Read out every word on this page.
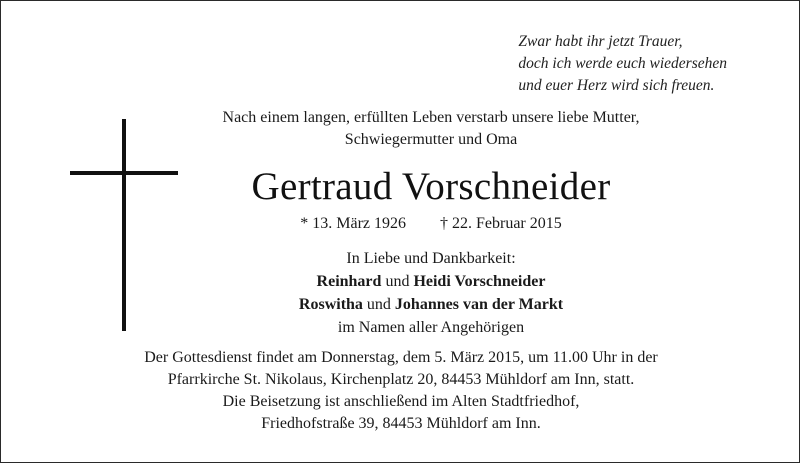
Zwar habt ihr jetzt Trauer,
doch ich werde euch wiedersehen
und euer Herz wird sich freuen.
Nach einem langen, erfüllten Leben verstarb unsere liebe Mutter,
Schwiegermutter und Oma
Gertraud Vorschneider
* 13. März 1926 † 22. Februar 2015
In Liebe und Dankbarkeit:
Reinhard und Heidi Vorschneider
Roswitha und Johannes van der Markt
im Namen aller Angehörigen
Der Gottesdienst findet am Donnerstag, dem 5. März 2015, um 11.00 Uhr in der
Pfarrkirche St. Nikolaus, Kirchenplatz 20, 84453 Mühldorf am Inn, statt.
Die Beisetzung ist anschließend im Alten Stadtfriedhof,
Friedhofstraße 39, 84453 Mühldorf am Inn.
